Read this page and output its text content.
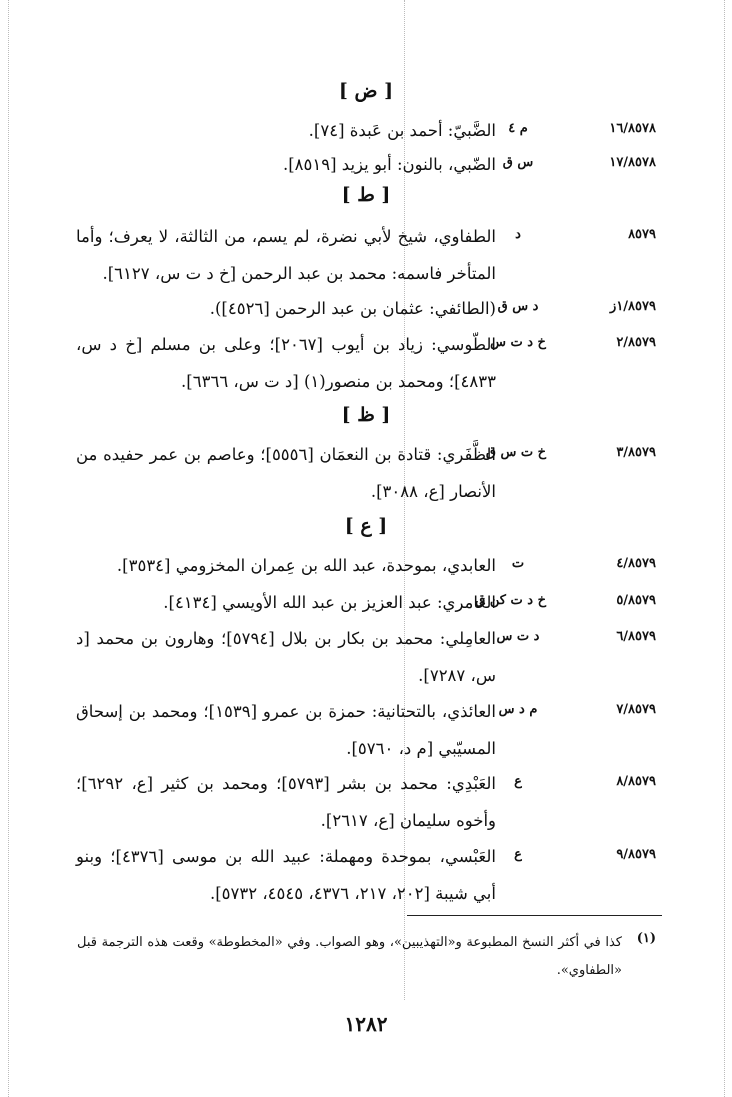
[ ض ]
١٦/٨٥٧٨
م ٤
الضَّبيّ: أحمد بن عَبدة [٧٤].
١٧/٨٥٧٨
س ق
الضّبي، بالنون: أبو يزيد [٨٥١٩].
[ ط ]
٨٥٧٩
د
الطفاوي، شيخ لأبي نضرة، لم يسم، من الثالثة، لا يعرف؛ وأما المتأخر فاسمه: محمد بن عبد الرحمن [خ د ت س، ٦١٢٧].
١/٨٥٧٩ز
د س ق
(الطائفي: عثمان بن عبد الرحمن [٤٥٢٦]).
٢/٨٥٧٩
خ د ت س
الطّوسي: زياد بن أيوب [٢٠٦٧]؛ وعلى بن مسلم [خ د س، ٤٨٣٣]؛ ومحمد بن منصور(١) [د ت س، ٦٣٦٦].
[ ظ ]
٣/٨٥٧٩
خ ت س ق
الظَّفَري: قتادة بن النعمَان [٥٥٥٦]؛ وعاصم بن عمر حفيده من الأنصار [ع، ٣٠٨٨].
[ ع ]
٤/٨٥٧٩
ت
العابدي، بموحدة، عبد الله بن عِمران المخزومي [٣٥٣٤].
٥/٨٥٧٩
خ د ت كن ق
العَامري: عبد العزيز بن عبد الله الأويسي [٤١٣٤].
٦/٨٥٧٩
د ت س
العامِلي: محمد بن بكار بن بلال [٥٧٩٤]؛ وهارون بن محمد [د س، ٧٢٨٧].
٧/٨٥٧٩
م د س
العائذي، بالتحتانية: حمزة بن عمرو [١٥٣٩]؛ ومحمد بن إسحاق المسيّبي [م د، ٥٧٦٠].
٨/٨٥٧٩
ع
العَبْدِي: محمد بن بشر [٥٧٩٣]؛ ومحمد بن كثير [ع، ٦٢٩٢]؛ وأخوه سليمان [ع، ٢٦١٧].
٩/٨٥٧٩
ع
العَبْسي، بموحدة ومهملة: عبيد الله بن موسى [٤٣٧٦]؛ وبنو أبي شيبة [٢٠٢، ٢١٧، ٤٣٧٦، ٤٥٤٥، ٥٧٣٢].
(١)
كذا في أكثر النسخ المطبوعة و«التهذيبين»، وهو الصواب. وفي «المخطوطة» وقعت هذه الترجمة قبل «الطفاوي».
١٢٨٢
